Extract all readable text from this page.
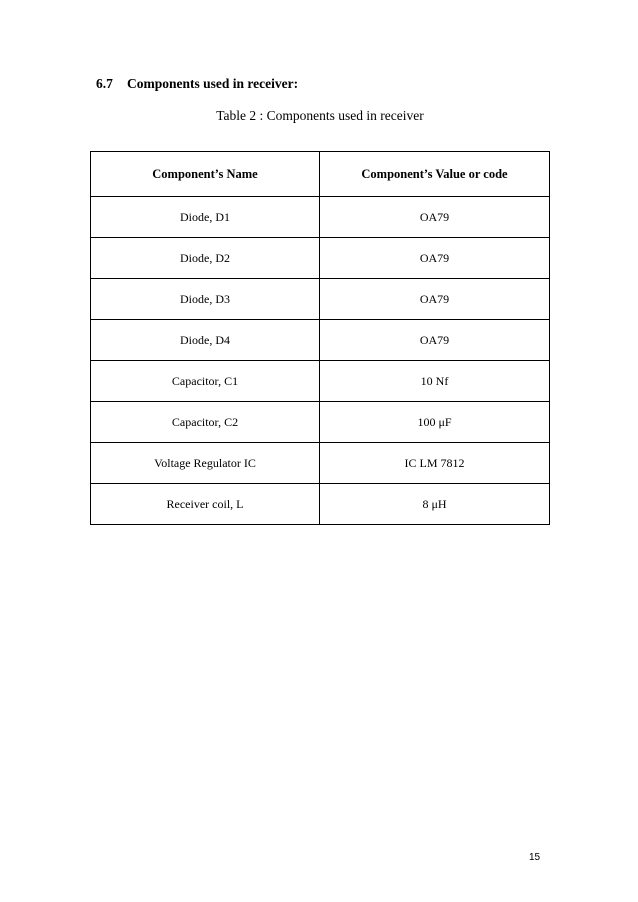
6.7 Components used in receiver:
Table 2 : Components used in receiver
Component’s Name	Component’s Value or code
Diode, D1	OA79
Diode, D2	OA79
Diode, D3	OA79
Diode, D4	OA79
Capacitor, C1	10 Nf
Capacitor, C2	100 μF
Voltage Regulator IC	IC LM 7812
Receiver coil, L	8 μH
15
